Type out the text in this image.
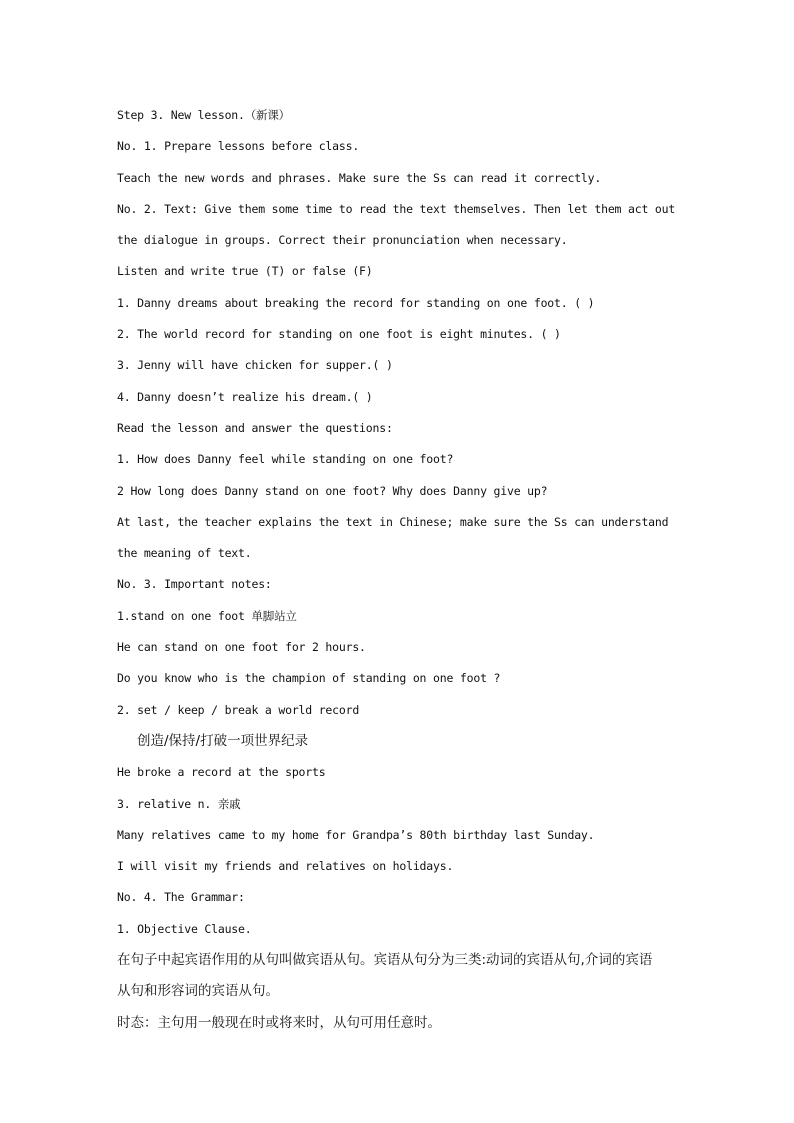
Step 3. New lesson.（新课）
No. 1. Prepare lessons before class.
Teach the new words and phrases. Make sure the Ss can read it correctly.
No. 2. Text: Give them some time to read the text themselves. Then let them act out
the dialogue in groups. Correct their pronunciation when necessary.
Listen and write true (T) or false (F)
1. Danny dreams about breaking the record for standing on one foot. ( )
2. The world record for standing on one foot is eight minutes. ( )
3. Jenny will have chicken for supper.( )
4. Danny doesn’t realize his dream.( )
Read the lesson and answer the questions:
1. How does Danny feel while standing on one foot?
2 How long does Danny stand on one foot? Why does Danny give up?
At last, the teacher explains the text in Chinese; make sure the Ss can understand
the meaning of text.
No. 3. Important notes:
1.stand on one foot 单脚站立
He can stand on one foot for 2 hours.
Do you know who is the champion of standing on one foot ?
2. set / keep / break a world record
创造/保持/打破一项世界纪录
He broke a record at the sports
3. relative n. 亲戚
Many relatives came to my home for Grandpa’s 80th birthday last Sunday.
I will visit my friends and relatives on holidays.
No. 4. The Grammar:
1. Objective Clause.
在句子中起宾语作用的从句叫做宾语从句。宾语从句分为三类:动词的宾语从句,介词的宾语
从句和形容词的宾语从句。
时态：主句用一般现在时或将来时，从句可用任意时。
